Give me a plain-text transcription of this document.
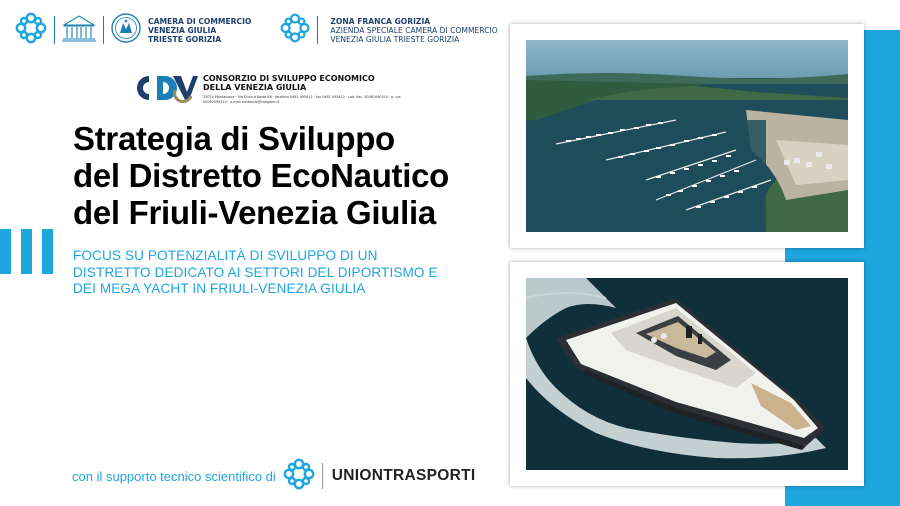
CAMERA DI COMMERCIO
VENEZIA GIULIA
TRIESTE GORIZIA
ZONA FRANCA GORIZIA
AZIENDA SPECIALE CAMERA DI COMMERCIO
VENEZIA GIULIA TRIESTE GORIZIA
CONSORZIO DI SVILUPPO ECONOMICO
DELLA VENEZIA GIULIA
33074 Monfalcone · Via Duca d'Aosta 86 · telefono 0481 495411 · fax 0481 495412 · cod. fisc. 00062090310 · p. iva 00062090310 · e-mail consorzio@csegianc.it
Strategia di Sviluppo
del Distretto EcoNautico
del Friuli-Venezia Giulia
FOCUS SU POTENZIALITÀ DI SVILUPPO DI UN
DISTRETTO DEDICATO AI SETTORI DEL DIPORTISMO E
DEI MEGA YACHT IN FRIULI-VENEZIA GIULIA
con il supporto tecnico scientifico di	UNIONTRASPORTI
